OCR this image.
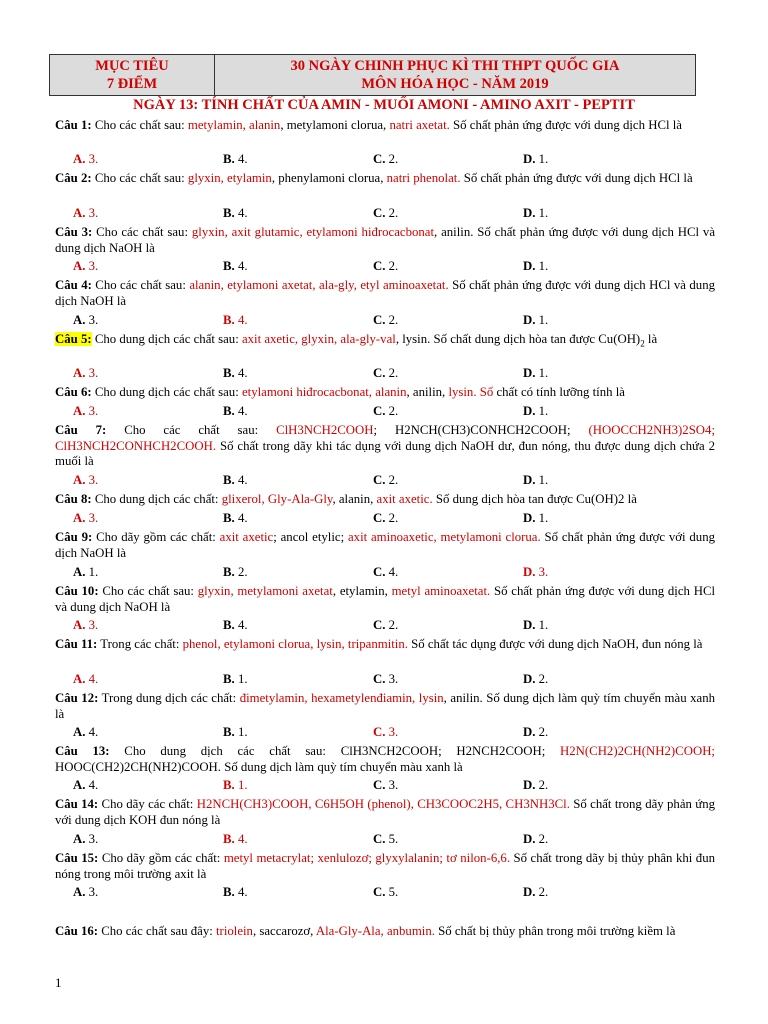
MỤC TIÊU
7 ĐIỂM
30 NGÀY CHINH PHỤC KÌ THI THPT QUỐC GIA
MÔN HÓA HỌC - NĂM 2019
NGÀY 13: TÍNH CHẤT CỦA AMIN - MUỐI AMONI - AMINO AXIT - PEPTIT
Câu 1: Cho các chất sau: metylamin, alanin, metylamoni clorua, natri axetat. Số chất phản ứng được với dung dịch HCl là
A. 3.	B. 4.	C. 2.	D. 1.
Câu 2: Cho các chất sau: glyxin, etylamin, phenylamoni clorua, natri phenolat. Số chất phản ứng được với dung dịch HCl là
A. 3.	B. 4.	C. 2.	D. 1.
Câu 3: Cho các chất sau: glyxin, axit glutamic, etylamoni hiđrocacbonat, anilin. Số chất phản ứng được với dung dịch HCl và dung dịch NaOH là
A. 3.	B. 4.	C. 2.	D. 1.
Câu 4: Cho các chất sau: alanin, etylamoni axetat, ala-gly, etyl aminoaxetat. Số chất phản ứng được với dung dịch HCl và dung dịch NaOH là
A. 3.	B. 4.	C. 2.	D. 1.
Câu 5: Cho dung dịch các chất sau: axit axetic, glyxin, ala-gly-val, lysin. Số chất dung dịch hòa tan được $Cu(OH)_2$ là
A. 3.	B. 4.	C. 2.	D. 1.
Câu 6: Cho dung dịch các chất sau: etylamoni hiđrocacbonat, alanin, anilin, lysin. Số chất có tính lưỡng tính là
A. 3.	B. 4.	C. 2.	D. 1.
Câu 7: Cho các chất sau: ClH3NCH2COOH; H2NCH(CH3)CONHCH2COOH; (HOOCCH2NH3)2SO4; ClH3NCH2CONHCH2COOH. Số chất trong dãy khi tác dụng với dung dịch NaOH dư, đun nóng, thu được dung dịch chứa 2 muối là
A. 3.	B. 4.	C. 2.	D. 1.
Câu 8: Cho dung dịch các chất: glixerol, Gly-Ala-Gly, alanin, axit axetic. Số dung dịch hòa tan được Cu(OH)2 là
A. 3.	B. 4.	C. 2.	D. 1.
Câu 9: Cho dãy gồm các chất: axit axetic; ancol etylic; axit aminoaxetic, metylamoni clorua. Số chất phản ứng được với dung dịch NaOH là
A. 1.	B. 2.	C. 4.	D. 3.
Câu 10: Cho các chất sau: glyxin, metylamoni axetat, etylamin, metyl aminoaxetat. Số chất phản ứng được với dung dịch HCl và dung dịch NaOH là
A. 3.	B. 4.	C. 2.	D. 1.
Câu 11: Trong các chất: phenol, etylamoni clorua, lysin, tripanmitin. Số chất tác dụng được với dung dịch NaOH, đun nóng là
A. 4.	B. 1.	C. 3.	D. 2.
Câu 12: Trong dung dịch các chất: đimetylamin, hexametylenđiamin, lysin, anilin. Số dung dịch làm quỳ tím chuyển màu xanh là
A. 4.	B. 1.	C. 3.	D. 2.
Câu 13: Cho dung dịch các chất sau: ClH3NCH2COOH; H2NCH2COOH; H2N(CH2)2CH(NH2)COOH; HOOC(CH2)2CH(NH2)COOH. Số dung dịch làm quỳ tím chuyển màu xanh là
A. 4.	B. 1.	C. 3.	D. 2.
Câu 14: Cho dãy các chất: H2NCH(CH3)COOH, C6H5OH (phenol), CH3COOC2H5, CH3NH3Cl. Số chất trong dãy phản ứng với dung dịch KOH đun nóng là
A. 3.	B. 4.	C. 5.	D. 2.
Câu 15: Cho dãy gồm các chất: metyl metacrylat; xenlulozơ; glyxylalanin; tơ nilon-6,6. Số chất trong dãy bị thủy phân khi đun nóng trong môi trường axit là
A. 3.	B. 4.	C. 5.	D. 2.
Câu 16: Cho các chất sau đây: triolein, saccarozơ, Ala-Gly-Ala, anbumin. Số chất bị thủy phân trong môi trường kiềm là
1
